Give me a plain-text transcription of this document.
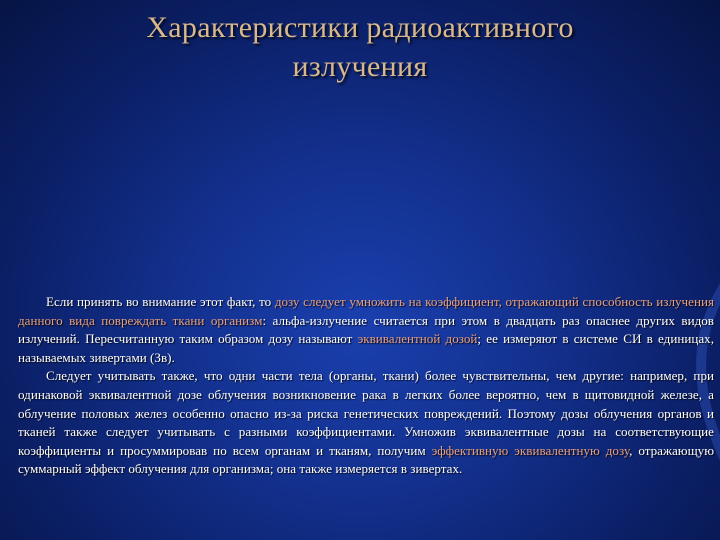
Характеристики радиоактивного
излучения

Если принять во внимание этот факт, то дозу следует умножить на коэффициент, отражающий способность излучения данного вида повреждать ткани организм: альфа-излучение считается при этом в двадцать раз опаснее других видов излучений. Пересчитанную таким образом дозу называют эквивалентной дозой; ее измеряют в системе СИ в единицах, называемых зивертами (Зв).

Следует учитывать также, что одни части тела (органы, ткани) более чувствительны, чем другие: например, при одинаковой эквивалентной дозе облучения возникновение рака в легких более вероятно, чем в щитовидной железе, а облучение половых желез особенно опасно из-за риска генетических повреждений. Поэтому дозы облучения органов и тканей также следует учитывать с разными коэффициентами. Умножив эквивалентные дозы на соответствующие коэффициенты и просуммировав по всем органам и тканям, получим эффективную эквивалентную дозу, отражающую суммарный эффект облучения для организма; она также измеряется в зивертах.
